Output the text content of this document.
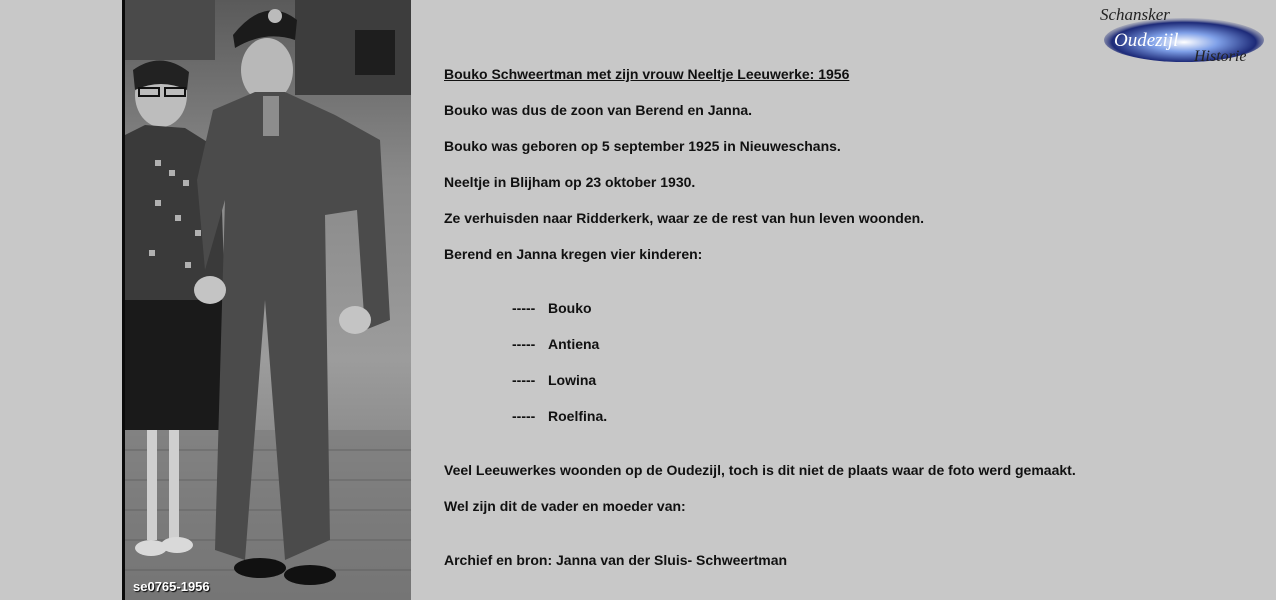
se0765-1956
Schansker
Oudezijl
Historie
Bouko Schweertman met zijn vrouw Neeltje Leeuwerke: 1956
Bouko was dus de zoon van Berend en Janna.
Bouko was geboren op 5 september 1925 in Nieuweschans.
Neeltje in Blijham op 23 oktober 1930.
Ze verhuisden naar Ridderkerk, waar ze de rest van hun leven woonden.
Berend en Janna kregen vier kinderen:
----- Bouko
----- Antiena
----- Lowina
----- Roelfina.
Veel Leeuwerkes woonden op de Oudezijl, toch is dit niet de plaats waar de foto werd gemaakt.
Wel zijn dit de vader en moeder van:
Archief en bron: Janna van der Sluis- Schweertman
